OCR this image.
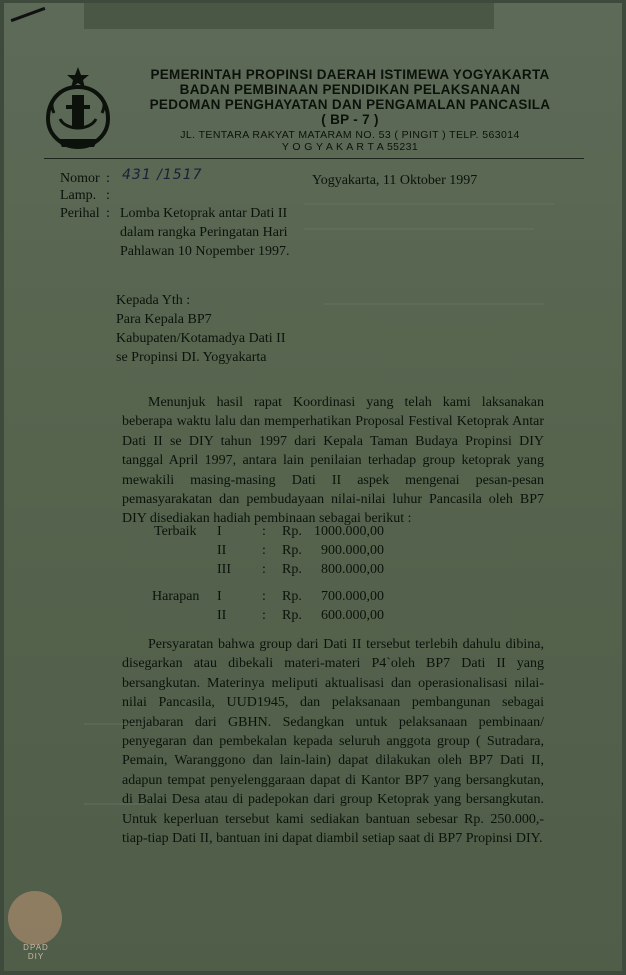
PEMERINTAH PROPINSI DAERAH ISTIMEWA YOGYAKARTA
BADAN PEMBINAAN PENDIDIKAN PELAKSANAAN
PEDOMAN PENGHAYATAN DAN PENGAMALAN PANCASILA
( BP - 7 )
JL. TENTARA RAKYAT MATARAM NO. 53 ( PINGIT ) TELP. 563014
Y O G Y A K A R T A 55231
Nomor : 431 /1517	Yogyakarta, 11 Oktober 1997
Lamp. :
Perihal : Lomba Ketoprak antar Dati II
dalam rangka Peringatan Hari
Pahlawan 10 Nopember 1997.
Kepada Yth :
Para Kepala BP7
Kabupaten/Kotamadya Dati II
se Propinsi DI. Yogyakarta
Menunjuk hasil rapat Koordinasi yang telah kami laksanakan beberapa waktu lalu dan memperhatikan Proposal Festival Ketoprak Antar Dati II se DIY tahun 1997 dari Kepala Taman Budaya Propinsi DIY tanggal April 1997, antara lain penilaian terhadap group ketoprak yang mewakili masing-masing Dati II aspek mengenai pesan-pesan pemasyarakatan dan pembudayaan nilai-nilai luhur Pancasila oleh BP7 DIY disediakan hadiah pembinaan sebagai berikut :
Terbaik I	: Rp. 1000.000,00
II	: Rp.	900.000,00
III : Rp.	800.000,00
Harapan I	: Rp.	700.000,00
II	: Rp.	600.000,00
Persyaratan bahwa group dari Dati II tersebut terlebih dahulu dibina, disegarkan atau dibekali materi-materi P4`oleh BP7 Dati II yang bersangkutan. Materinya meliputi aktualisasi dan operasionalisasi nilai-nilai Pancasila, UUD1945, dan pelaksanaan pembangunan sebagai penjabaran dari GBHN. Sedangkan untuk pelaksanaan pembinaan/ penyegaran dan pembekalan kepada seluruh anggota group ( Sutradara, Pemain, Waranggono dan lain-lain) dapat dilakukan oleh BP7 Dati II, adapun tempat penyelenggaraan dapat di Kantor BP7 yang bersangkutan, di Balai Desa atau di padepokan dari group Ketoprak yang bersangkutan. Untuk keperluan tersebut kami sediakan bantuan sebesar Rp. 250.000,- tiap-tiap Dati II, bantuan ini dapat diambil setiap saat di BP7 Propinsi DIY.
DPAD
DIY
